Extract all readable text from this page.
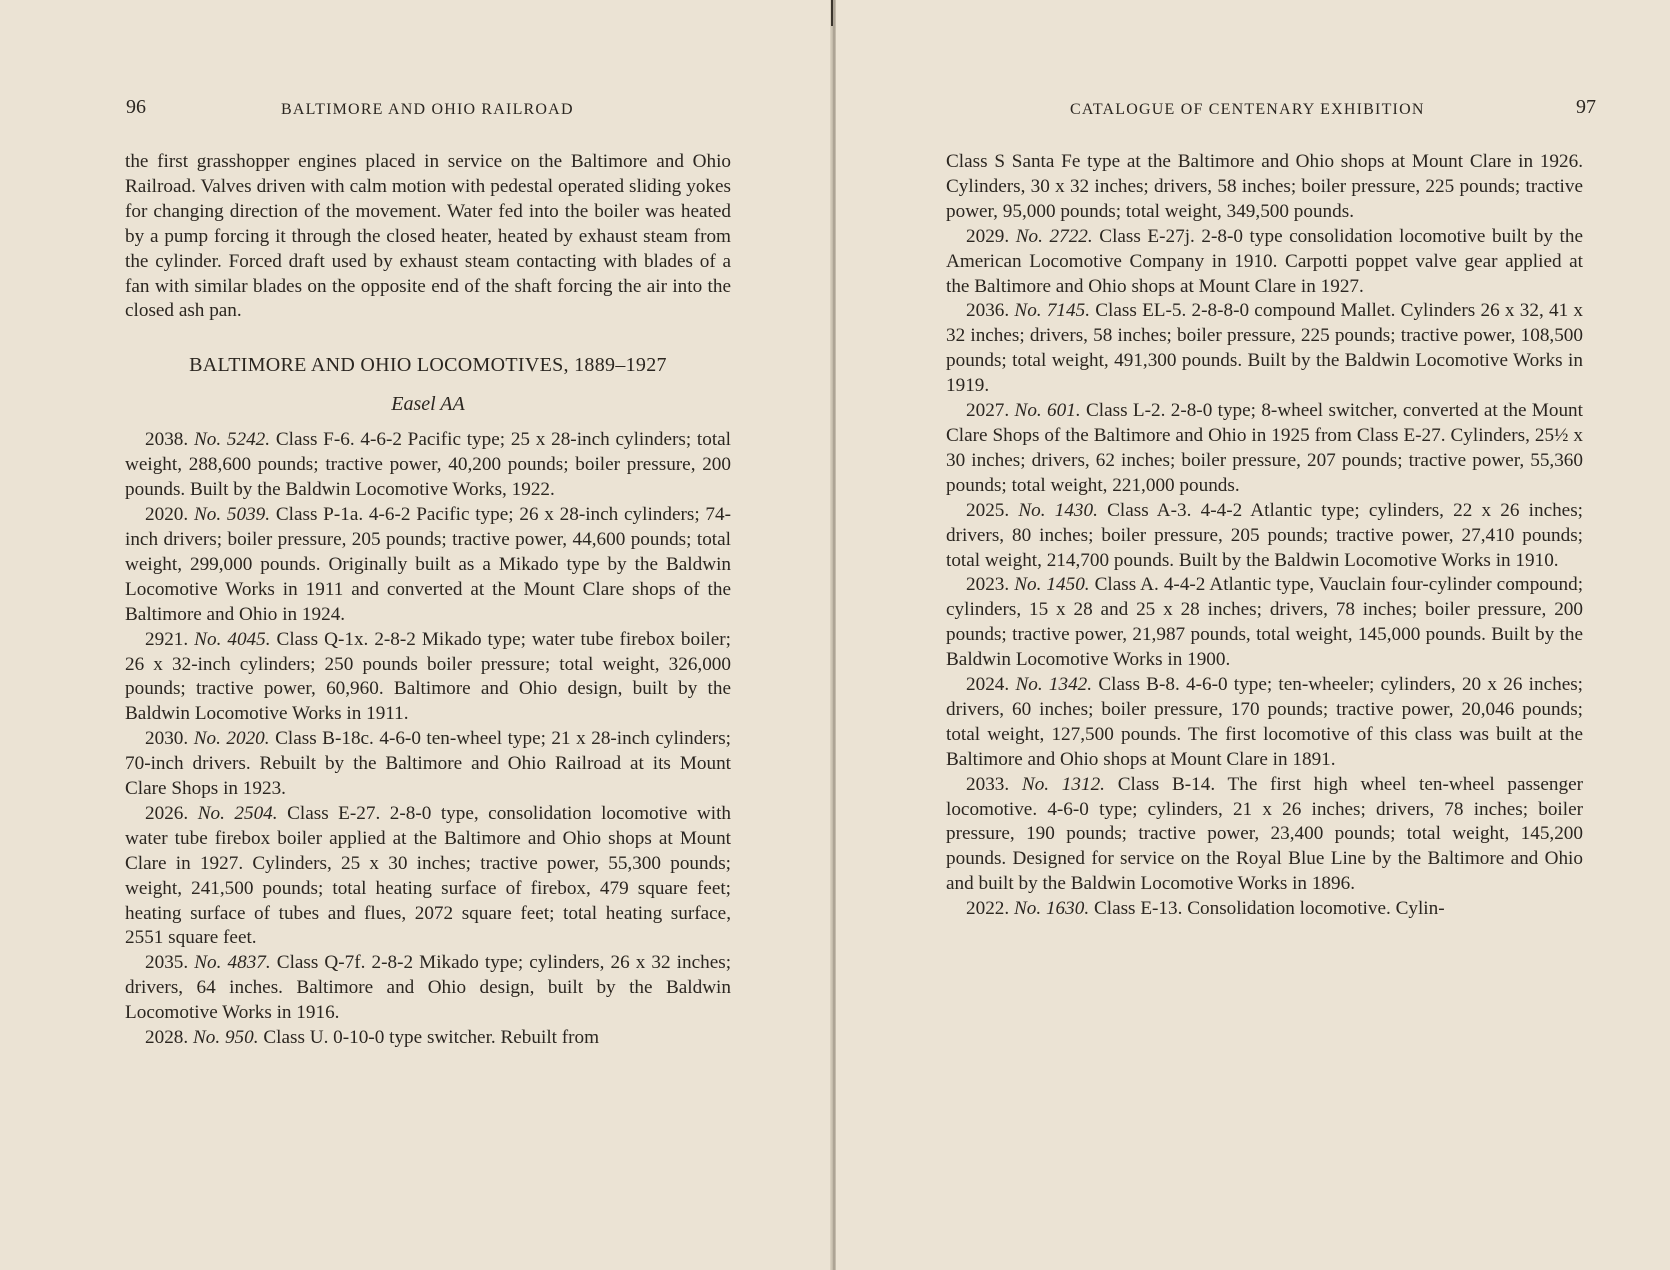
96	BALTIMORE AND OHIO RAILROAD

the first grasshopper engines placed in service on the Baltimore and Ohio Railroad. Valves driven with calm motion with pedestal operated sliding yokes for changing direction of the movement. Water fed into the boiler was heated by a pump forcing it through the closed heater, heated by exhaust steam from the cylinder. Forced draft used by exhaust steam contacting with blades of a fan with similar blades on the opposite end of the shaft forcing the air into the closed ash pan.

BALTIMORE AND OHIO LOCOMOTIVES, 1889–1927
Easel AA

2038. No. 5242. Class F-6. 4-6-2 Pacific type; 25 x 28-inch cylinders; total weight, 288,600 pounds; tractive power, 40,200 pounds; boiler pressure, 200 pounds. Built by the Baldwin Locomotive Works, 1922.

2020. No. 5039. Class P-1a. 4-6-2 Pacific type; 26 x 28-inch cylinders; 74-inch drivers; boiler pressure, 205 pounds; tractive power, 44,600 pounds; total weight, 299,000 pounds. Originally built as a Mikado type by the Baldwin Locomotive Works in 1911 and converted at the Mount Clare shops of the Baltimore and Ohio in 1924.

2921. No. 4045. Class Q-1x. 2-8-2 Mikado type; water tube firebox boiler; 26 x 32-inch cylinders; 250 pounds boiler pressure; total weight, 326,000 pounds; tractive power, 60,960. Baltimore and Ohio design, built by the Baldwin Locomotive Works in 1911.

2030. No. 2020. Class B-18c. 4-6-0 ten-wheel type; 21 x 28-inch cylinders; 70-inch drivers. Rebuilt by the Baltimore and Ohio Railroad at its Mount Clare Shops in 1923.

2026. No. 2504. Class E-27. 2-8-0 type, consolidation locomotive with water tube firebox boiler applied at the Baltimore and Ohio shops at Mount Clare in 1927. Cylinders, 25 x 30 inches; tractive power, 55,300 pounds; weight, 241,500 pounds; total heating surface of firebox, 479 square feet; heating surface of tubes and flues, 2072 square feet; total heating surface, 2551 square feet.

2035. No. 4837. Class Q-7f. 2-8-2 Mikado type; cylinders, 26 x 32 inches; drivers, 64 inches. Baltimore and Ohio design, built by the Baldwin Locomotive Works in 1916.

2028. No. 950. Class U. 0-10-0 type switcher. Rebuilt from

CATALOGUE OF CENTENARY EXHIBITION	97

Class S Santa Fe type at the Baltimore and Ohio shops at Mount Clare in 1926. Cylinders, 30 x 32 inches; drivers, 58 inches; boiler pressure, 225 pounds; tractive power, 95,000 pounds; total weight, 349,500 pounds.

2029. No. 2722. Class E-27j. 2-8-0 type consolidation locomotive built by the American Locomotive Company in 1910. Carpotti poppet valve gear applied at the Baltimore and Ohio shops at Mount Clare in 1927.

2036. No. 7145. Class EL-5. 2-8-8-0 compound Mallet. Cylinders 26 x 32, 41 x 32 inches; drivers, 58 inches; boiler pressure, 225 pounds; tractive power, 108,500 pounds; total weight, 491,300 pounds. Built by the Baldwin Locomotive Works in 1919.

2027. No. 601. Class L-2. 2-8-0 type; 8-wheel switcher, converted at the Mount Clare Shops of the Baltimore and Ohio in 1925 from Class E-27. Cylinders, 25½ x 30 inches; drivers, 62 inches; boiler pressure, 207 pounds; tractive power, 55,360 pounds; total weight, 221,000 pounds.

2025. No. 1430. Class A-3. 4-4-2 Atlantic type; cylinders, 22 x 26 inches; drivers, 80 inches; boiler pressure, 205 pounds; tractive power, 27,410 pounds; total weight, 214,700 pounds. Built by the Baldwin Locomotive Works in 1910.

2023. No. 1450. Class A. 4-4-2 Atlantic type, Vauclain four-cylinder compound; cylinders, 15 x 28 and 25 x 28 inches; drivers, 78 inches; boiler pressure, 200 pounds; tractive power, 21,987 pounds, total weight, 145,000 pounds. Built by the Baldwin Locomotive Works in 1900.

2024. No. 1342. Class B-8. 4-6-0 type; ten-wheeler; cylinders, 20 x 26 inches; drivers, 60 inches; boiler pressure, 170 pounds; tractive power, 20,046 pounds; total weight, 127,500 pounds. The first locomotive of this class was built at the Baltimore and Ohio shops at Mount Clare in 1891.

2033. No. 1312. Class B-14. The first high wheel ten-wheel passenger locomotive. 4-6-0 type; cylinders, 21 x 26 inches; drivers, 78 inches; boiler pressure, 190 pounds; tractive power, 23,400 pounds; total weight, 145,200 pounds. Designed for service on the Royal Blue Line by the Baltimore and Ohio and built by the Baldwin Locomotive Works in 1896.

2022. No. 1630. Class E-13. Consolidation locomotive. Cylin-
